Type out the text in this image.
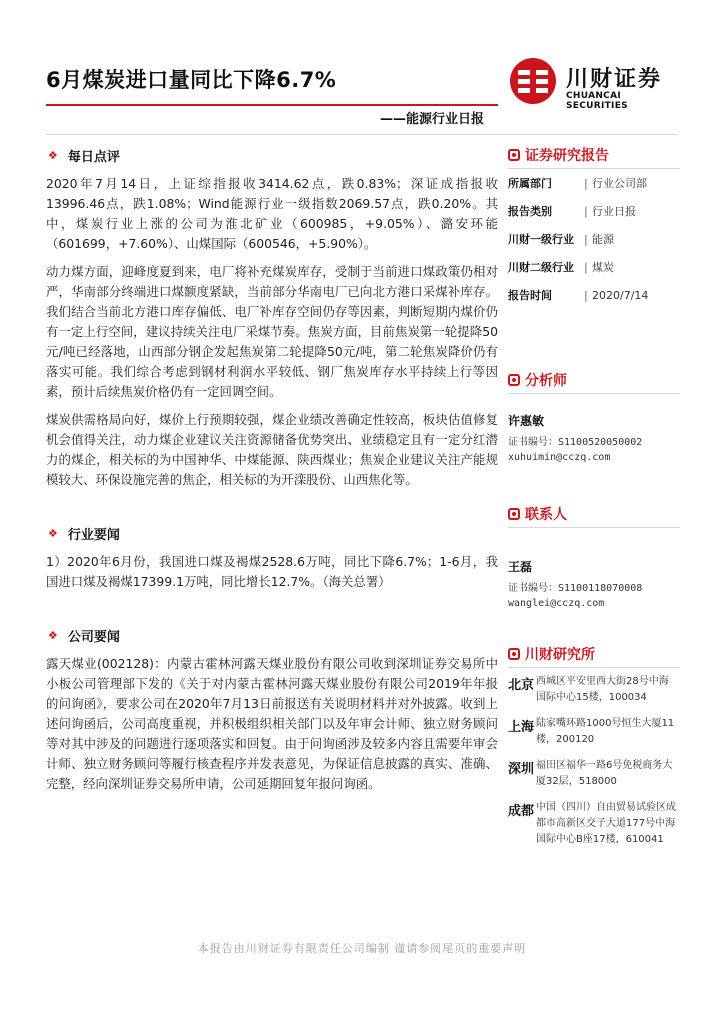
6月煤炭进口量同比下降6.7%	川财证券
CHUANCAI SECURITIES
——能源行业日报
❖ 每日点评

2020年7月14日，上证综指报收3414.62点，跌0.83%；深证成指报收13996.46点，跌1.08%；Wind能源行业一级指数2069.57点，跌0.20%。其中，煤炭行业上涨的公司为淮北矿业（600985，+9.05%）、潞安环能（601699，+7.60%）、山煤国际（600546，+5.90%）。

动力煤方面，迎峰度夏到来，电厂将补充煤炭库存，受制于当前进口煤政策仍相对严，华南部分终端进口煤额度紧缺，当前部分华南电厂已向北方港口采煤补库存。我们结合当前北方港口库存偏低、电厂补库存空间仍存等因素，判断短期内煤价仍有一定上行空间，建议持续关注电厂采煤节奏。焦炭方面，目前焦炭第一轮提降50元/吨已经落地，山西部分钢企发起焦炭第二轮提降50元/吨，第二轮焦炭降价仍有落实可能。我们综合考虑到钢材利润水平较低、钢厂焦炭库存水平持续上行等因素，预计后续焦炭价格仍有一定回调空间。

煤炭供需格局向好，煤价上行预期较强，煤企业绩改善确定性较高，板块估值修复机会值得关注，动力煤企业建议关注资源储备优势突出、业绩稳定且有一定分红潜力的煤企，相关标的为中国神华、中煤能源、陕西煤业；焦炭企业建议关注产能规模较大、环保设施完善的焦企，相关标的为开滦股份、山西焦化等。

❖ 行业要闻

1）2020年6月份，我国进口煤及褐煤2528.6万吨，同比下降6.7%；1-6月，我国进口煤及褐煤17399.1万吨，同比增长12.7%。（海关总署）

❖ 公司要闻

露天煤业(002128)：内蒙古霍林河露天煤业股份有限公司收到深圳证券交易所中小板公司管理部下发的《关于对内蒙古霍林河露天煤业股份有限公司2019年年报的问询函》，要求公司在2020年7月13日前报送有关说明材料并对外披露。收到上述问询函后，公司高度重视，并积极组织相关部门以及年审会计师、独立财务顾问等对其中涉及的问题进行逐项落实和回复。由于问询函涉及较多内容且需要年审会计师、独立财务顾问等履行核查程序并发表意见，为保证信息披露的真实、准确、完整，经向深圳证券交易所申请，公司延期回复年报问询函。

证券研究报告
所属部门	| 行业公司部
报告类别	| 行业日报
川财一级行业 | 能源
川财二级行业 | 煤炭
报告时间	| 2020/7/14
分析师
许惠敏
证书编号：S1100520050002
xuhuimin@cczq.com
联系人
王磊
证书编号：S1100118070008
wanglei@cczq.com
川财研究所
北京 西城区平安里西大街28号中海国际中心15楼，100034
上海 陆家嘴环路1000号恒生大厦11楼，200120
深圳 福田区福华一路6号免税商务大厦32层，518000
成都 中国（四川）自由贸易试验区成都市高新区交子大道177号中海国际中心B座17楼，610041
本报告由川财证券有限责任公司编制 谨请参阅尾页的重要声明
